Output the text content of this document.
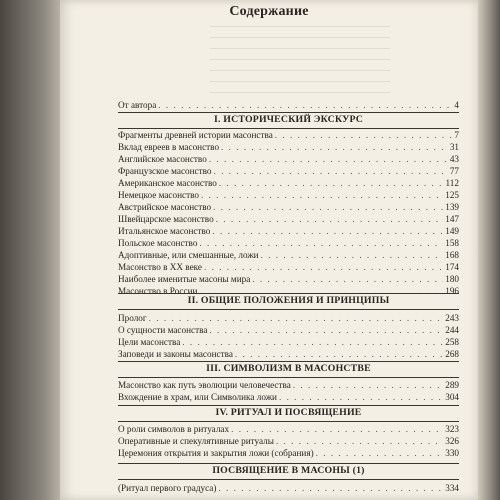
Содержание
От автора . . .	4
I. ИСТОРИЧЕСКИЙ ЭКСКУРС
Фрагменты древней истории масонства . . .	7
Вклад евреев в масонство . . .	31
Английское масонство . . .	43
Французское масонство . . .	77
Американское масонство . . .	112
Немецкое масонство . . .	125
Австрийское масонство . . .	139
Швейцарское масонство . . .	147
Итальянское масонство . . .	149
Польское масонство . . .	158
Адоптивные, или смешанные, ложи . . .	168
Масонство в XX веке . . .	174
Наиболее именитые масоны мира . . .	180
Масонство в России . . .	196
II. ОБЩИЕ ПОЛОЖЕНИЯ И ПРИНЦИПЫ
Пролог . . .	243
О сущности масонства . . .	244
Цели масонства . . .	258
Заповеди и законы масонства . . .	268
III. СИМВОЛИЗМ В МАСОНСТВЕ
Масонство как путь эволюции человечества . . .	289
Вхождение в храм, или Символика ложи . . .	304
IV. РИТУАЛ И ПОСВЯЩЕНИЕ
О роли символов в ритуалах . . .	323
Оперативные и спекулятивные ритуалы . . .	326
Церемония открытия и закрытия ложи (собрания) . . .	330
ПОСВЯЩЕНИЕ В МАСОНЫ (1)
(Ритуал первого градуса) . . .	334
